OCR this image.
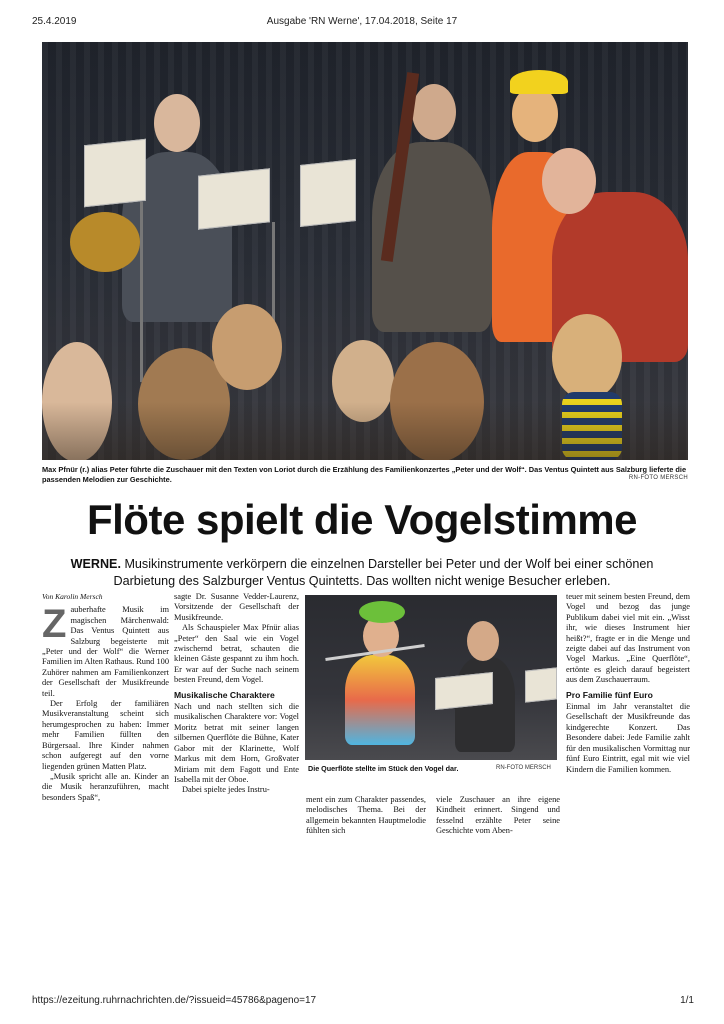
25.4.2019	Ausgabe 'RN Werne', 17.04.2018, Seite 17
Max Pfnür (r.) alias Peter führte die Zuschauer mit den Texten von Loriot durch die Erzählung des Familienkonzertes „Peter und der Wolf“. Das Ventus Quintett aus Salzburg lieferte die passenden Melodien zur Geschichte.	RN-FOTO MERSCH
Flöte spielt die Vogelstimme
WERNE. Musikinstrumente verkörpern die einzelnen Darsteller bei Peter und der Wolf bei einer schönen Darbietung des Salzburger Ventus Quintetts. Das wollten nicht wenige Besucher erleben.
Von Karolin Mersch

Zauberhafte Musik im magischen Märchenwald: Das Ventus Quintett aus Salzburg begeisterte mit „Peter und der Wolf“ die Werner Familien im Alten Rathaus. Rund 100 Zuhörer nahmen am Familienkonzert der Gesellschaft der Musikfreunde teil.

Der Erfolg der familiären Musikveranstaltung scheint sich herumgesprochen zu haben: Immer mehr Familien füllten den Bürgersaal. Ihre Kinder nahmen schon aufgeregt auf den vorne liegenden grünen Matten Platz.

„Musik spricht alle an. Kinder an die Musik heranzuführen, macht besonders Spaß“,

sagte Dr. Susanne Vedder-Laurenz, Vorsitzende der Gesellschaft der Musikfreunde.

Als Schauspieler Max Pfnür alias „Peter“ den Saal wie ein Vogel zwischernd betrat, schauten die kleinen Gäste gespannt zu ihm hoch. Er war auf der Suche nach seinem besten Freund, dem Vogel.

Musikalische Charaktere

Nach und nach stellten sich die musikalischen Charaktere vor: Vogel Moritz betrat mit seiner langen silbernen Querflöte die Bühne, Kater Gabor mit der Klarinette, Wolf Markus mit dem Horn, Großvater Miriam mit dem Fagott und Ente Isabella mit der Oboe.

Dabei spielte jedes Instru-

Die Querflöte stellte im Stück den Vogel dar.	RN-FOTO MERSCH

ment ein zum Charakter passendes, melodisches Thema. Bei der allgemein bekannten Hauptmelodie fühlten sich

viele Zuschauer an ihre eigene Kindheit erinnert. Singend und fesselnd erzählte Peter seine Geschichte vom Aben-

teuer mit seinem besten Freund, dem Vogel und bezog das junge Publikum dabei viel mit ein. „Wisst ihr, wie dieses Instrument hier heißt?“, fragte er in die Menge und zeigte dabei auf das Instrument von Vogel Markus. „Eine Querflöte“, ertönte es gleich darauf begeistert aus dem Zuschauerraum.

Pro Familie fünf Euro

Einmal im Jahr veranstaltet die Gesellschaft der Musikfreunde das kindgerechte Konzert. Das Besondere dabei: Jede Familie zahlt für den musikalischen Vormittag nur fünf Euro Eintritt, egal mit wie viel Kindern die Familien kommen.

https://ezeitung.ruhrnachrichten.de/?issueid=45786&pageno=17	1/1
